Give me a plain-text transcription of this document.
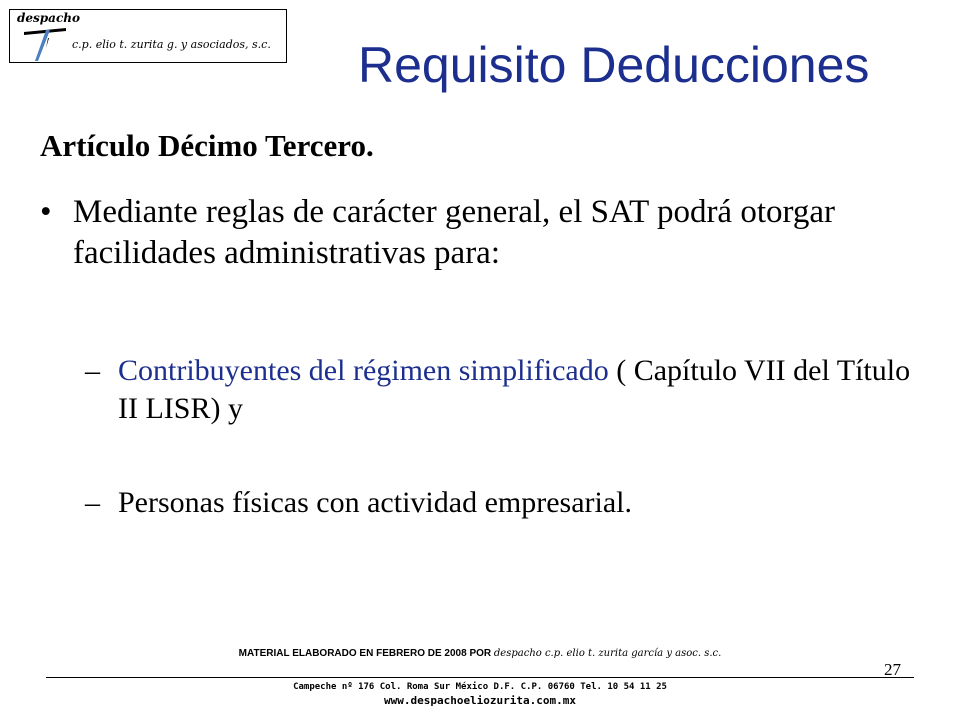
despacho
c.p. elio t. zurita g. y asociados, s.c. Requisito Deducciones
Artículo Décimo Tercero.
• Mediante reglas de carácter general, el SAT podrá otorgar facilidades administrativas para:
– Contribuyentes del régimen simplificado ( Capítulo VII del Título II LISR) y
– Personas físicas con actividad empresarial.
MATERIAL ELABORADO EN FEBRERO DE 2008 POR despacho c.p. elio t. zurita garcía y asoc. s.c.
27
Campeche nº 176 Col. Roma Sur México D.F. C.P. 06760 Tel. 10 54 11 25
www.despachoeliozurita.com.mx
